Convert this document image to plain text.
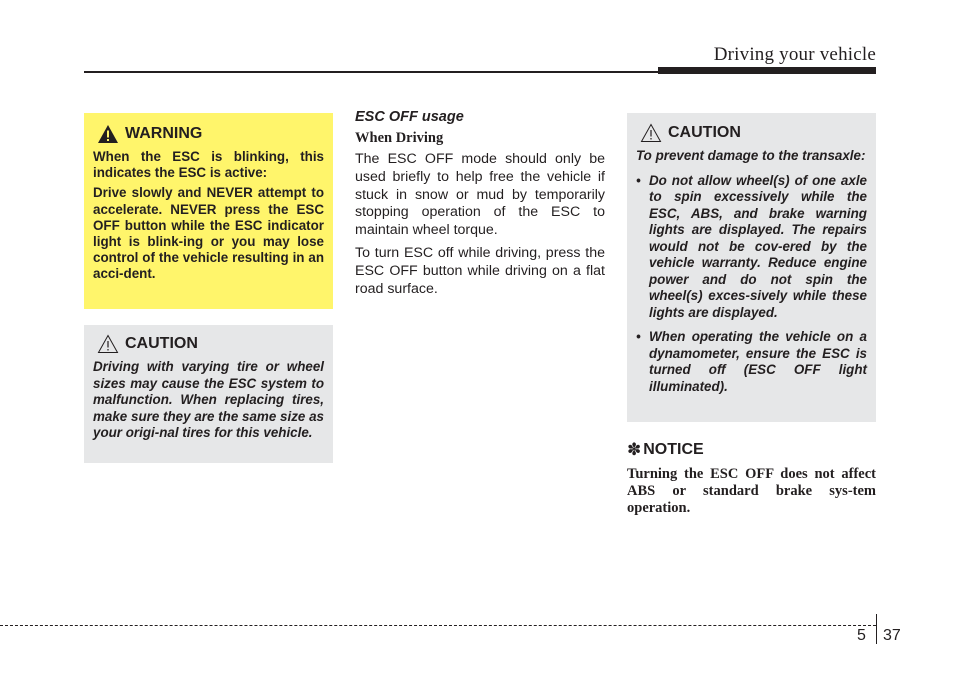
Driving your vehicle
WARNING

When the ESC is blinking, this indicates the ESC is active:

Drive slowly and NEVER attempt to accelerate. NEVER press the ESC OFF button while the ESC indicator light is blink-ing or you may lose control of the vehicle resulting in an acci-dent.

CAUTION

Driving with varying tire or wheel sizes may cause the ESC system to malfunction. When replacing tires, make sure they are the same size as your origi-nal tires for this vehicle.

ESC OFF usage
When Driving

The ESC OFF mode should only be used briefly to help free the vehicle if stuck in snow or mud by temporarily stopping operation of the ESC to maintain wheel torque.

To turn ESC off while driving, press the ESC OFF button while driving on a flat road surface.

CAUTION

To prevent damage to the transaxle:

• Do not allow wheel(s) of one axle to spin excessively while the ESC, ABS, and brake warning lights are displayed. The repairs would not be cov-ered by the vehicle warranty. Reduce engine power and do not spin the wheel(s) exces-sively while these lights are displayed.
• When operating the vehicle on a dynamometer, ensure the ESC is turned off (ESC OFF light illuminated).
✽ NOTICE
Turning the ESC OFF does not affect ABS or standard brake sys-tem operation.
5 37
